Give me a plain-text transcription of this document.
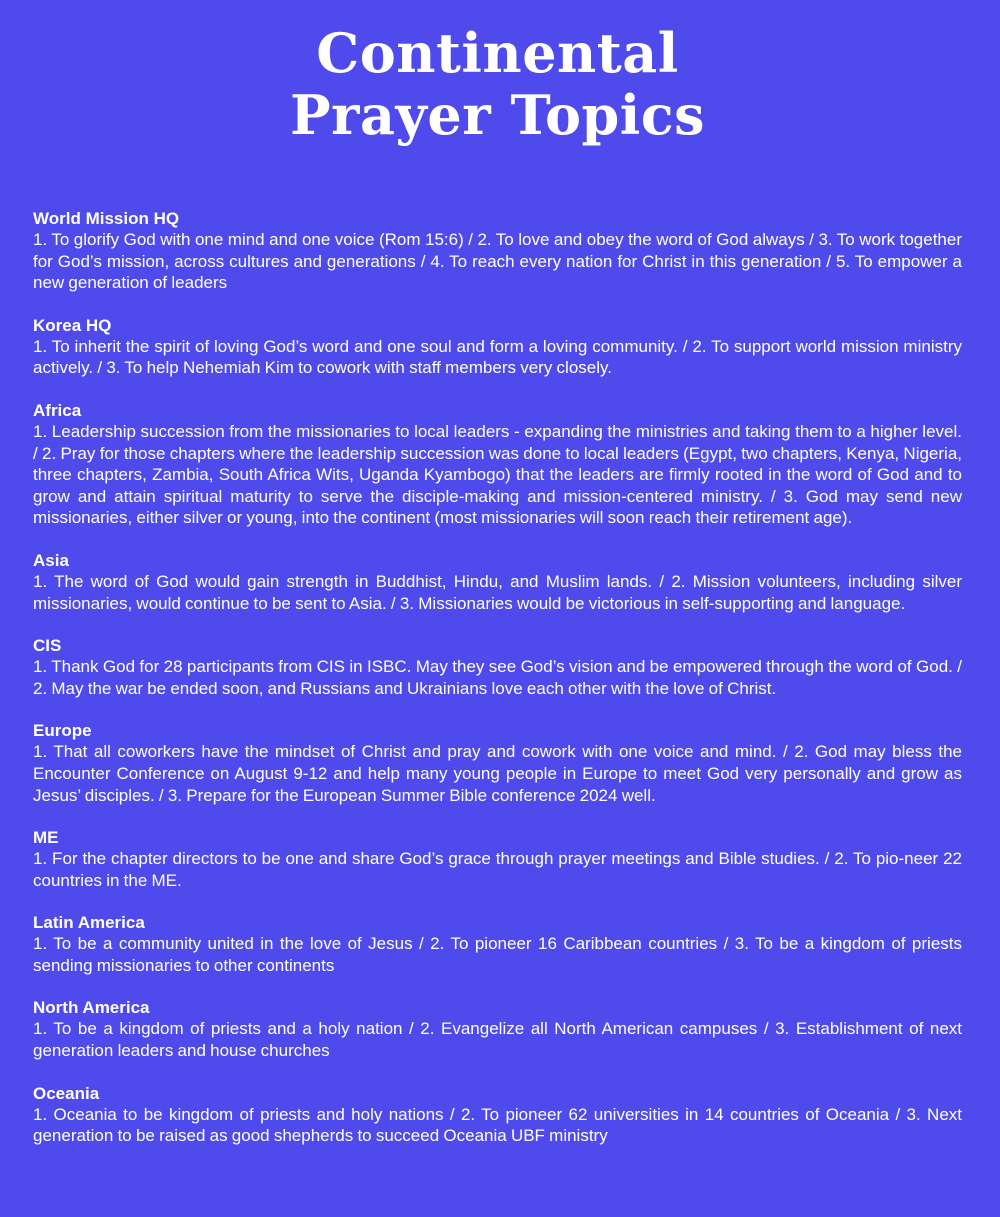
Continental
Prayer Topics

World Mission HQ

1. To glorify God with one mind and one voice (Rom 15:6) / 2. To love and obey the word of God always / 3. To work together for God’s mission, across cultures and generations / 4. To reach every nation for Christ in this generation / 5. To empower a new generation of leaders

Korea HQ

1. To inherit the spirit of loving God’s word and one soul and form a loving community. / 2. To support world mission ministry actively. / 3. To help Nehemiah Kim to cowork with staff members very closely.

Africa

1. Leadership succession from the missionaries to local leaders - expanding the ministries and taking them to a higher level. / 2. Pray for those chapters where the leadership succession was done to local leaders (Egypt, two chapters, Kenya, Nigeria, three chapters, Zambia, South Africa Wits, Uganda Kyambogo) that the leaders are firmly rooted in the word of God and to grow and attain spiritual maturity to serve the disciple-making and mission-centered ministry. / 3. God may send new missionaries, either silver or young, into the continent (most missionaries will soon reach their retirement age).

Asia

1. The word of God would gain strength in Buddhist, Hindu, and Muslim lands. / 2. Mission volunteers, including silver missionaries, would continue to be sent to Asia. / 3. Missionaries would be victorious in self-supporting and language.

CIS

1. Thank God for 28 participants from CIS in ISBC. May they see God’s vision and be empowered through the word of God. / 2. May the war be ended soon, and Russians and Ukrainians love each other with the love of Christ.

Europe

1. That all coworkers have the mindset of Christ and pray and cowork with one voice and mind. / 2. God may bless the Encounter Conference on August 9-12 and help many young people in Europe to meet God very personally and grow as Jesus’ disciples. / 3. Prepare for the European Summer Bible conference 2024 well.

ME

1. For the chapter directors to be one and share God’s grace through prayer meetings and Bible studies. / 2. To pio-neer 22 countries in the ME.

Latin America

1. To be a community united in the love of Jesus / 2. To pioneer 16 Caribbean countries / 3. To be a kingdom of priests sending missionaries to other continents

North America

1. To be a kingdom of priests and a holy nation / 2. Evangelize all North American campuses / 3. Establishment of next generation leaders and house churches

Oceania

1. Oceania to be kingdom of priests and holy nations / 2. To pioneer 62 universities in 14 countries of Oceania / 3. Next generation to be raised as good shepherds to succeed Oceania UBF ministry
